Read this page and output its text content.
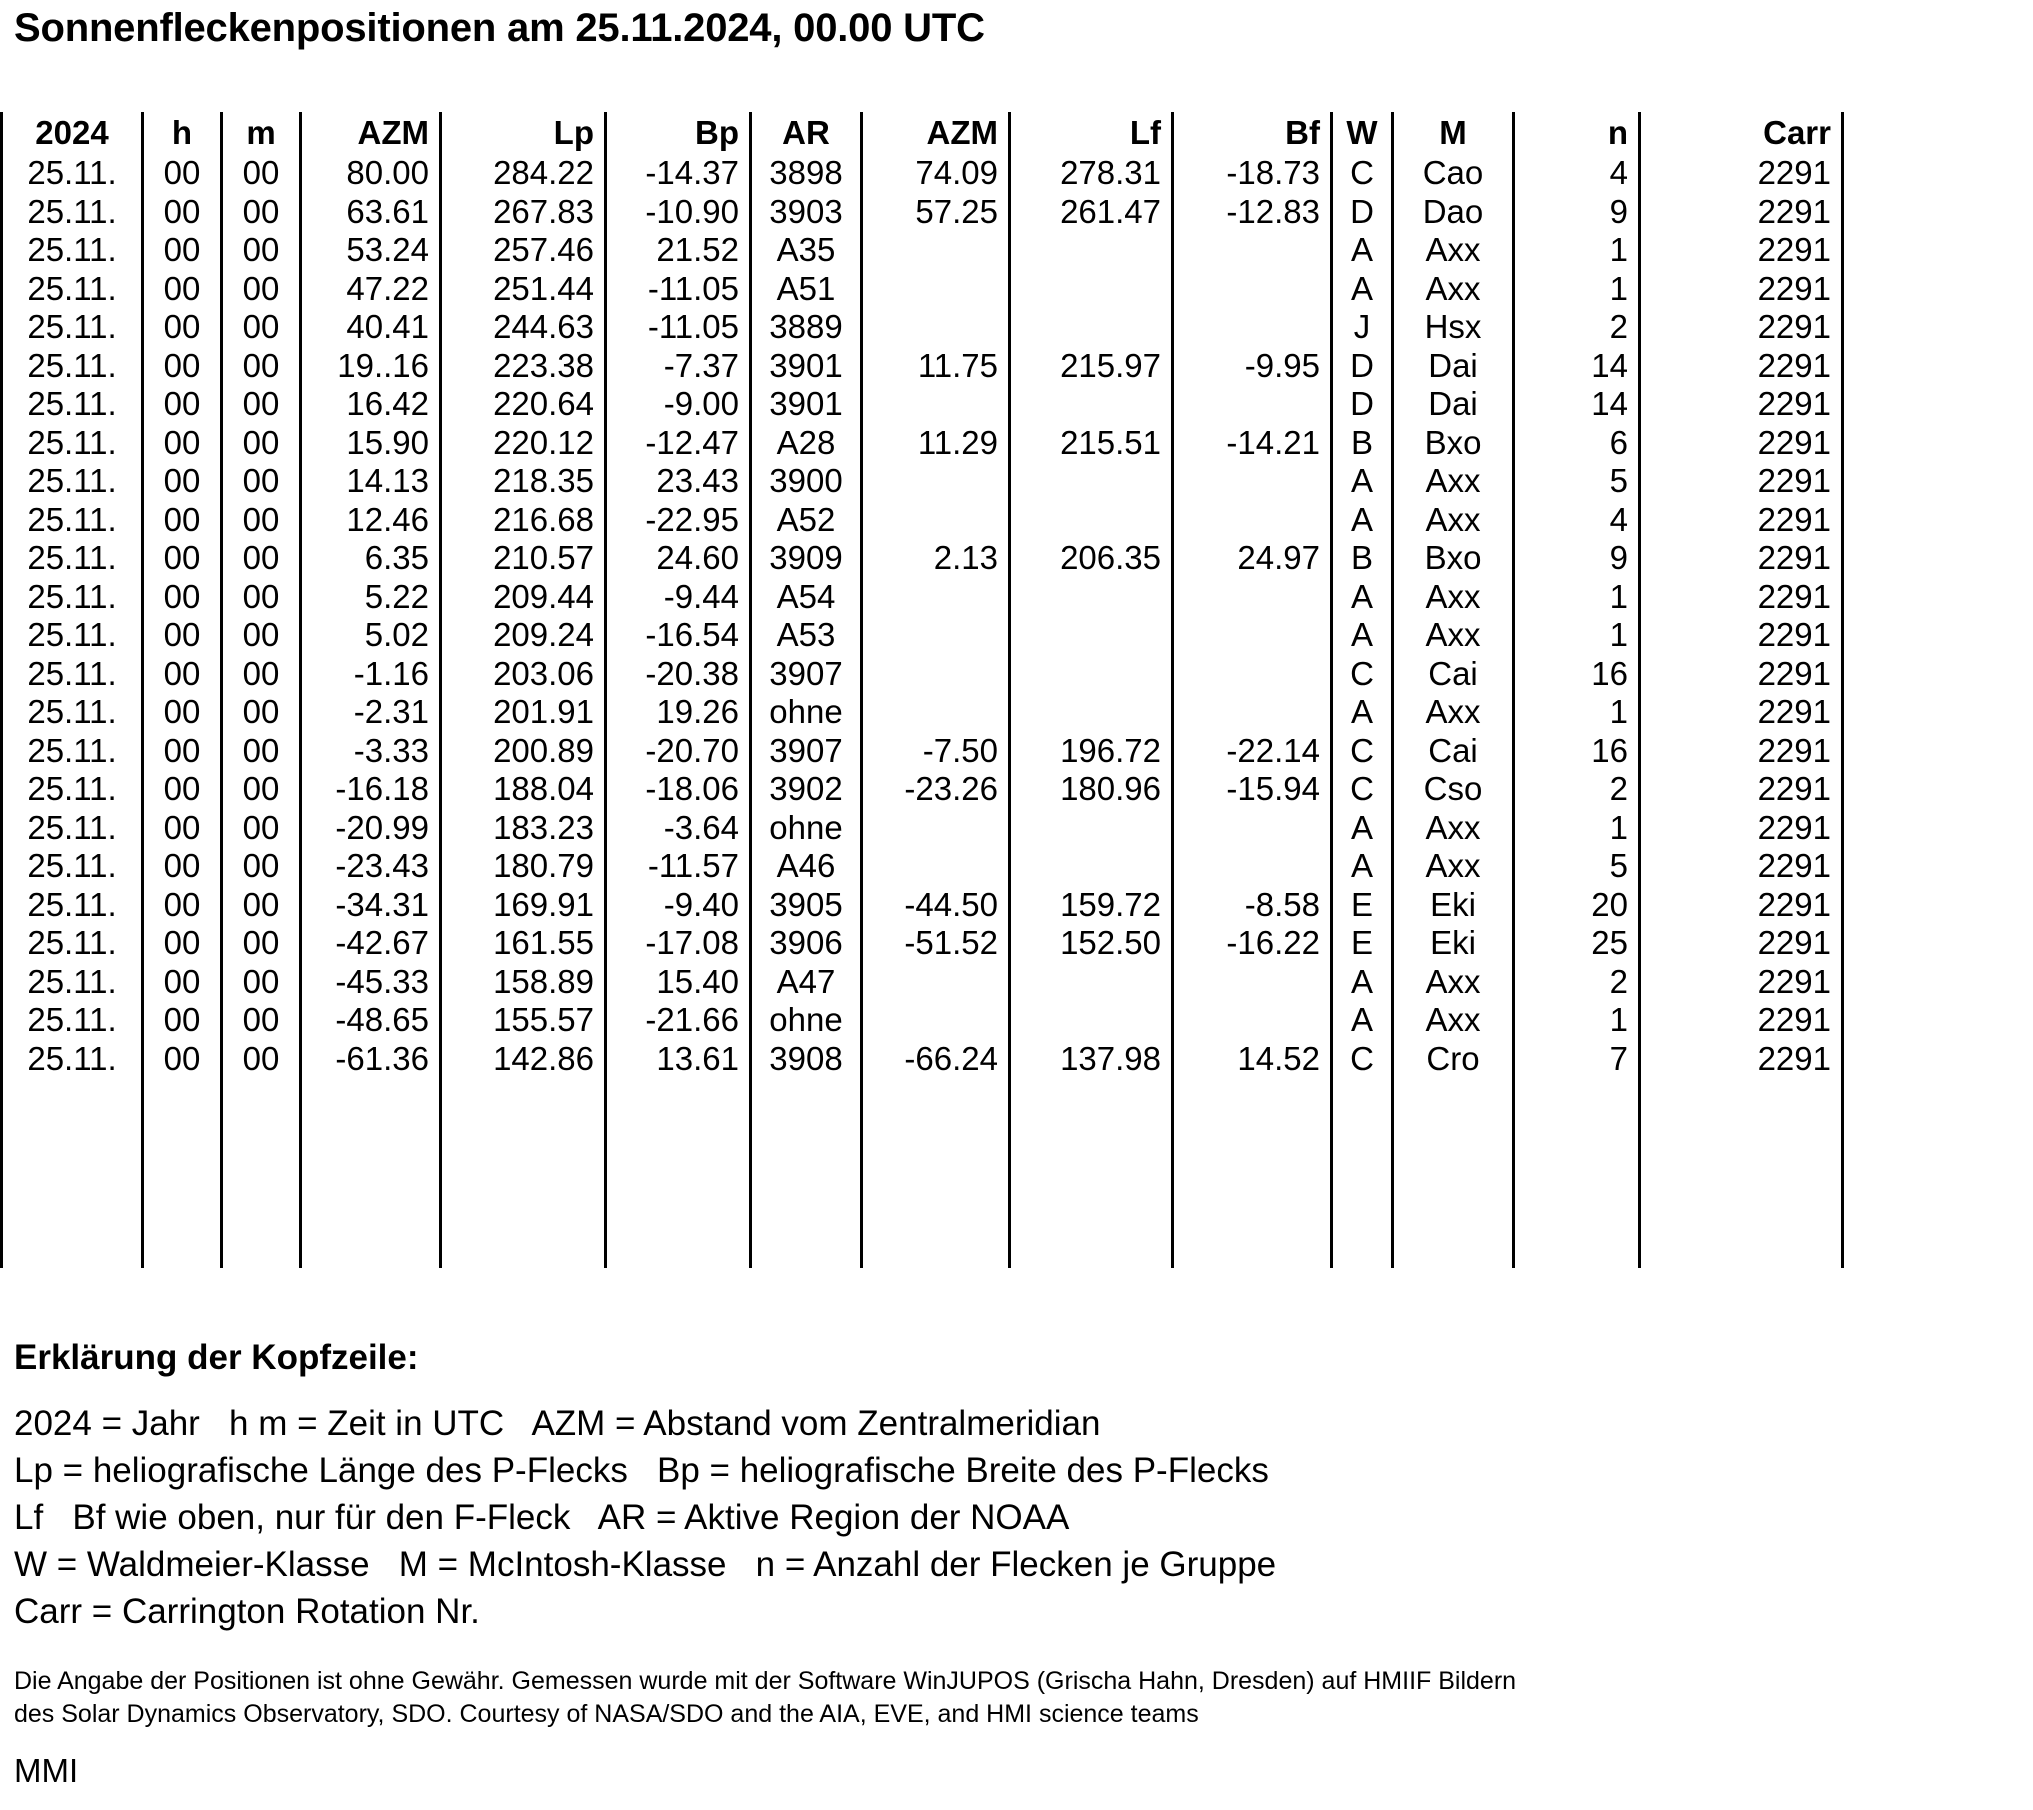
Sonnenfleckenpositionen am 25.11.2024, 00.00 UTC
2024	h	m	AZM	Lp	Bp	AR	AZM	Lf	Bf	W	M	n	Carr
25.11.	00	00	80.00	284.22	-14.37	3898	74.09	278.31	-18.73	C	Cao	4	2291
25.11.	00	00	63.61	267.83	-10.90	3903	57.25	261.47	-12.83	D	Dao	9	2291
25.11.	00	00	53.24	257.46	21.52	A35				A	Axx	1	2291
25.11.	00	00	47.22	251.44	-11.05	A51				A	Axx	1	2291
25.11.	00	00	40.41	244.63	-11.05	3889				J	Hsx	2	2291
25.11.	00	00	19..16	223.38	-7.37	3901	11.75	215.97	-9.95	D	Dai	14	2291
25.11.	00	00	16.42	220.64	-9.00	3901				D	Dai	14	2291
25.11.	00	00	15.90	220.12	-12.47	A28	11.29	215.51	-14.21	B	Bxo	6	2291
25.11.	00	00	14.13	218.35	23.43	3900				A	Axx	5	2291
25.11.	00	00	12.46	216.68	-22.95	A52				A	Axx	4	2291
25.11.	00	00	6.35	210.57	24.60	3909	2.13	206.35	24.97	B	Bxo	9	2291
25.11.	00	00	5.22	209.44	-9.44	A54				A	Axx	1	2291
25.11.	00	00	5.02	209.24	-16.54	A53				A	Axx	1	2291
25.11.	00	00	-1.16	203.06	-20.38	3907				C	Cai	16	2291
25.11.	00	00	-2.31	201.91	19.26	ohne				A	Axx	1	2291
25.11.	00	00	-3.33	200.89	-20.70	3907	-7.50	196.72	-22.14	C	Cai	16	2291
25.11.	00	00	-16.18	188.04	-18.06	3902	-23.26	180.96	-15.94	C	Cso	2	2291
25.11.	00	00	-20.99	183.23	-3.64	ohne				A	Axx	1	2291
25.11.	00	00	-23.43	180.79	-11.57	A46				A	Axx	5	2291
25.11.	00	00	-34.31	169.91	-9.40	3905	-44.50	159.72	-8.58	E	Eki	20	2291
25.11.	00	00	-42.67	161.55	-17.08	3906	-51.52	152.50	-16.22	E	Eki	25	2291
25.11.	00	00	-45.33	158.89	15.40	A47				A	Axx	2	2291
25.11.	00	00	-48.65	155.57	-21.66	ohne				A	Axx	1	2291
25.11.	00	00	-61.36	142.86	13.61	3908	-66.24	137.98	14.52	C	Cro	7	2291

Erklärung der Kopfzeile:
2024 = Jahr   h m = Zeit in UTC   AZM = Abstand vom Zentralmeridian
Lp = heliografische Länge des P-Flecks   Bp = heliografische Breite des P-Flecks
Lf   Bf wie oben, nur für den F-Fleck   AR = Aktive Region der NOAA
W = Waldmeier-Klasse   M = McIntosh-Klasse   n = Anzahl der Flecken je Gruppe
Carr = Carrington Rotation Nr.
Die Angabe der Positionen ist ohne Gewähr. Gemessen wurde mit der Software WinJUPOS (Grischa Hahn, Dresden) auf HMIIF Bildern
des Solar Dynamics Observatory, SDO. Courtesy of NASA/SDO and the AIA, EVE, and HMI science teams
MMI
